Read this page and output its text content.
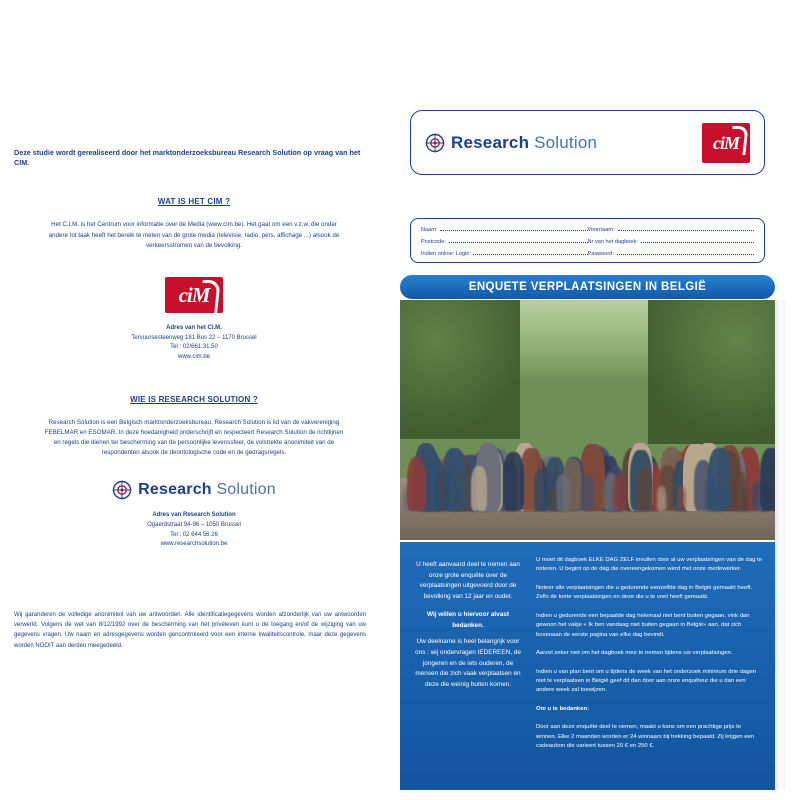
Deze studie wordt gerealiseerd door het marktonderzoeksbureau Research Solution op vraag van het CIM.

WAT IS HET CIM ?
Het C.I.M. is het Centrum voor informatie over de Media (www.cim.be). Het gaat om een v.z.w. die onder andere tot taak heeft het bereik te meten van de grote media (televisie, radio, pers, affichage ...) alsook de verkeersstromen van de bevolking.
ciM
Adres van het CI.M.
Tervuursesteenweg 181 Bus 22 – 1170 Brussel
Tel : 02/661.31.50
www.cim.be
WIE IS RESEARCH SOLUTION ?
Research Solution is een Belgisch marktonderzoeksbureau. Research Solution is lid van de vakvereniging FEBELMAR en ESOMAR. In deze hoedanigheid onderschrijft en respecteert Research Solution de richtlijnen en regels die dienen ter bescherming van de persoonlijke levenssfeer, de volstrekte anonimiteit van de respondenten alsook de deontologische code en de gedragsregels.
Research Solution
Adres van Research Solution
Ogaerdstraat 94-96 – 1050 Brussel
Tel : 02 644 56 26
www.researchsolution.be
Wij garanderen de volledige anonimiteit van uw antwoorden. Alle identificatiegegevens worden afzonderlijk van uw antwoorden verwerkt. Volgens de wet van 8/12/1992 over de bescherming van het privéleven kunt u de toegang en/of de wijziging van uw gegevens vragen. Uw naam en adresgegevens worden gencontroleerd voor een interne kwaliteitscontrole, maar deze gegevens worden NOOIT aan derden meegedeeld.
Research Solution	ciM
Naam:	Voornaam:
Postcode:	Nr van het dagboek:
Indien online: Login	Paswoord:
ENQUETE VERPLAATSINGEN IN BELGIË
U heeft aanvaard deel te nemen aan onze grote enquête over de verplaatsingen uitgevoerd door de bevolking van 12 jaar en ouder.
Wij willen u hiervoor alvast bedanken.
Uw deelname is heel belangrijk voor ons : wij ondervragen IEDEREEN, de jongeren en de iets ouderen, de mensen die zich vaak verplaatsen en deze die weinig buiten komen.

U moet dit dagboek ELKE DAG ZELF invullen door al uw verplaatsingen van de dag te noteren. U begint op de dag die overeengekomen werd met onze medewerker.

Noteer alle verplaatsingen die u gedurende eenzelfde dag in België gemaakt heeft. Zelfs de korte verplaatsingen en deze die u te voet heeft gemaakt.

Indien u gedurende een bepaalde dag helemaal niet bent buiten gegaan, vink dan gewoon het vakje « Ik ben vandaag niet buiten gegaan in België» aan, dat zich bovenaan de eerste pagina van elke dag bevindt.

Aarzel zeker niet om het dagboek mee te nemen tijdens uw verplaatsingen.

Indien u van plan bent om u tijdens de week van het onderzoek minimum drie dagen niet te verplaatsen in België geef dit dan door aan onze enquêteur die u dan een andere week zal toewijzen.

Om u te bedanken:

Door aan deze enquête deel te nemen, maakt u kans om een prachtige prijs te winnen. Elke 2 maanden worden er 24 winnaars bij trekking bepaald. Zij krijgen een cadeaubon die varieert tussen 20 € en 250 €.
